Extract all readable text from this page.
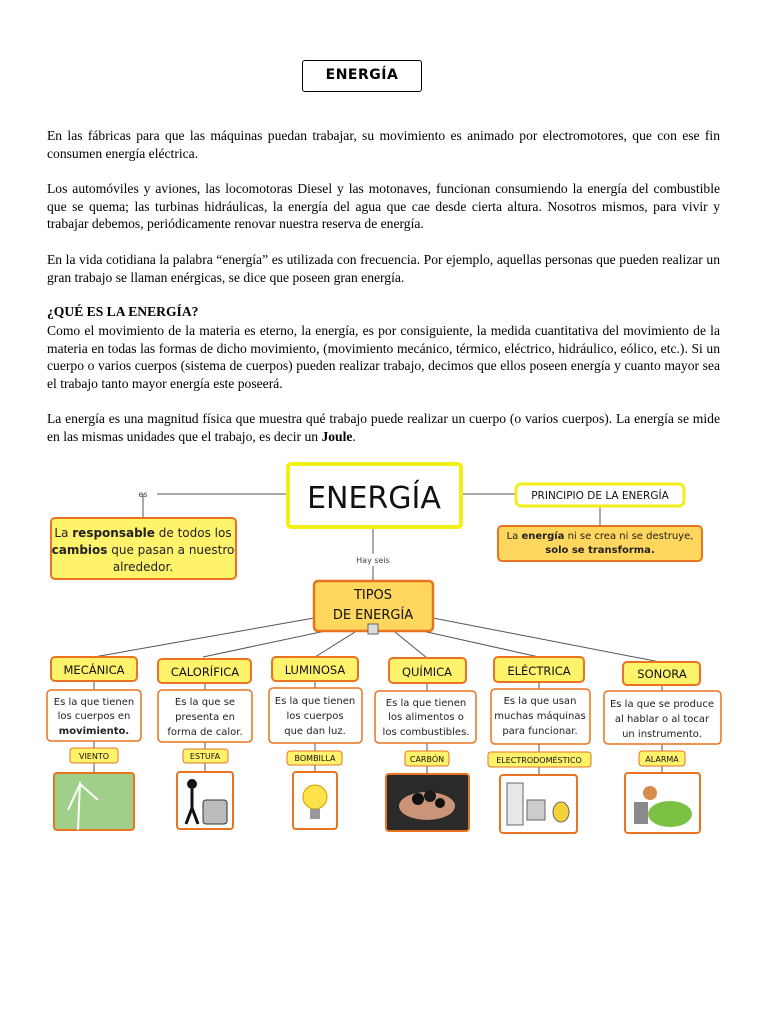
ENERGÍA

En las fábricas para que las máquinas puedan trabajar, su movimiento es animado por electromotores, que con ese fin consumen energía eléctrica.

Los automóviles y aviones, las locomotoras Diesel y las motonaves, funcionan consumiendo la energía del combustible que se quema; las turbinas hidráulicas, la energía del agua que cae desde cierta altura. Nosotros mismos, para vivir y trabajar debemos, periódicamente renovar nuestra reserva de energía.

En la vida cotidiana la palabra “energía” es utilizada con frecuencia. Por ejemplo, aquellas personas que pueden realizar un gran trabajo se llaman enérgicas, se dice que poseen gran energía.

¿QUÉ ES LA ENERGÍA?

Como el movimiento de la materia es eterno, la energía, es por consiguiente, la medida cuantitativa del movimiento de la materia en todas las formas de dicho movimiento, (movimiento mecánico, térmico, eléctrico, hidráulico, eólico, etc.). Si un cuerpo o varios cuerpos (sistema de cuerpos) pueden realizar trabajo, decimos que ellos poseen energía y cuanto mayor sea el trabajo tanto mayor energía este poseerá.

La energía es una magnitud física que muestra qué trabajo puede realizar un cuerpo (o varios cuerpos). La energía se mide en las mismas unidades que el trabajo, es decir un Joule.

es
Hay seis
ENERGÍA
La responsable de todos los
cambios que pasan a nuestro
alrededor.
PRINCIPIO DE LA ENERGÍA
La energía ni se crea ni se destruye,
solo se transforma.
TIPOS
DE ENERGÍA
MECÁNICA
Es la que tienen
los cuerpos en
movimiento.
VIENTO
CALORÍFICA
Es la que se
presenta en
forma de calor.
ESTUFA
LUMINOSA
Es la que tienen
los cuerpos
que dan luz.
BOMBILLA
QUÍMICA
Es la que tienen
los alimentos o
los combustibles.
CARBÓN
ELÉCTRICA
Es la que usan
muchas máquinas
para funcionar.
ELECTRODOMÉSTICO
SONORA
Es la que se produce
al hablar o al tocar
un instrumento.
ALARMA
